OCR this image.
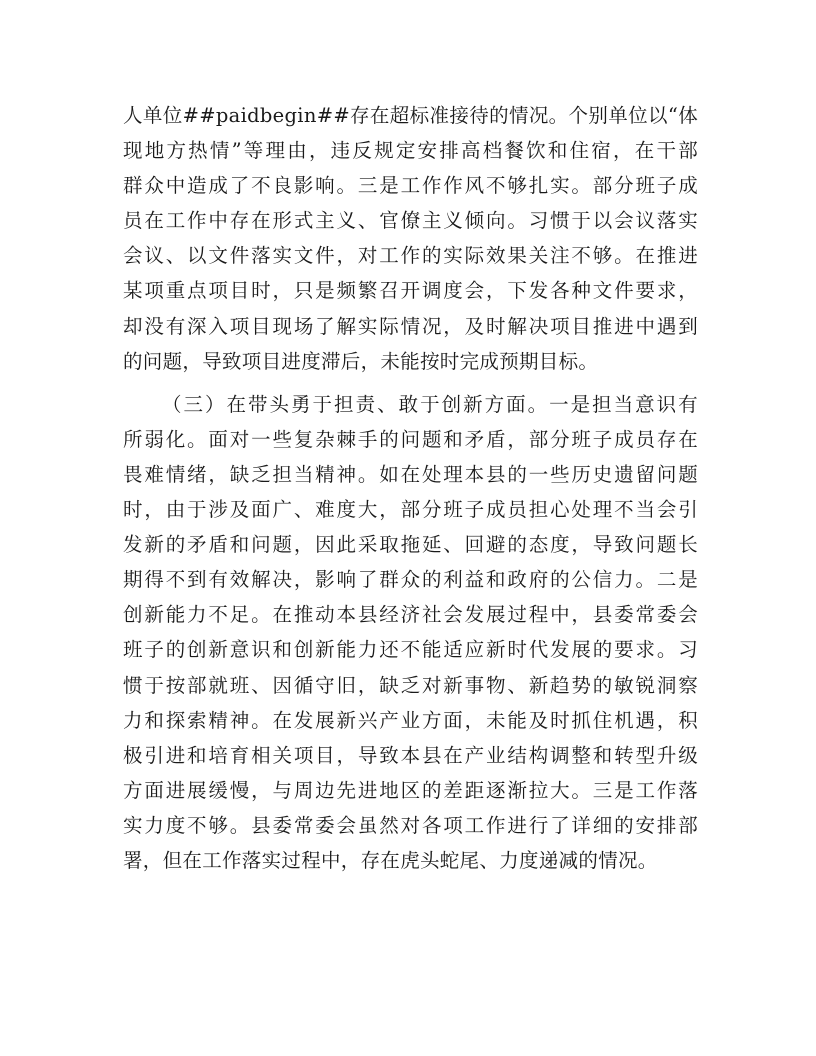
人单位##paidbegin##存在超标准接待的情况。个别单位以“体
现地方热情”等理由，违反规定安排高档餐饮和住宿，在干部
群众中造成了不良影响。三是工作作风不够扎实。部分班子成
员在工作中存在形式主义、官僚主义倾向。习惯于以会议落实
会议、以文件落实文件，对工作的实际效果关注不够。在推进
某项重点项目时，只是频繁召开调度会，下发各种文件要求，
却没有深入项目现场了解实际情况，及时解决项目推进中遇到
的问题，导致项目进度滞后，未能按时完成预期目标。
（三）在带头勇于担责、敢于创新方面。一是担当意识有
所弱化。面对一些复杂棘手的问题和矛盾，部分班子成员存在
畏难情绪，缺乏担当精神。如在处理本县的一些历史遗留问题
时，由于涉及面广、难度大，部分班子成员担心处理不当会引
发新的矛盾和问题，因此采取拖延、回避的态度，导致问题长
期得不到有效解决，影响了群众的利益和政府的公信力。二是
创新能力不足。在推动本县经济社会发展过程中，县委常委会
班子的创新意识和创新能力还不能适应新时代发展的要求。习
惯于按部就班、因循守旧，缺乏对新事物、新趋势的敏锐洞察
力和探索精神。在发展新兴产业方面，未能及时抓住机遇，积
极引进和培育相关项目，导致本县在产业结构调整和转型升级
方面进展缓慢，与周边先进地区的差距逐渐拉大。三是工作落
实力度不够。县委常委会虽然对各项工作进行了详细的安排部
署，但在工作落实过程中，存在虎头蛇尾、力度递减的情况。
